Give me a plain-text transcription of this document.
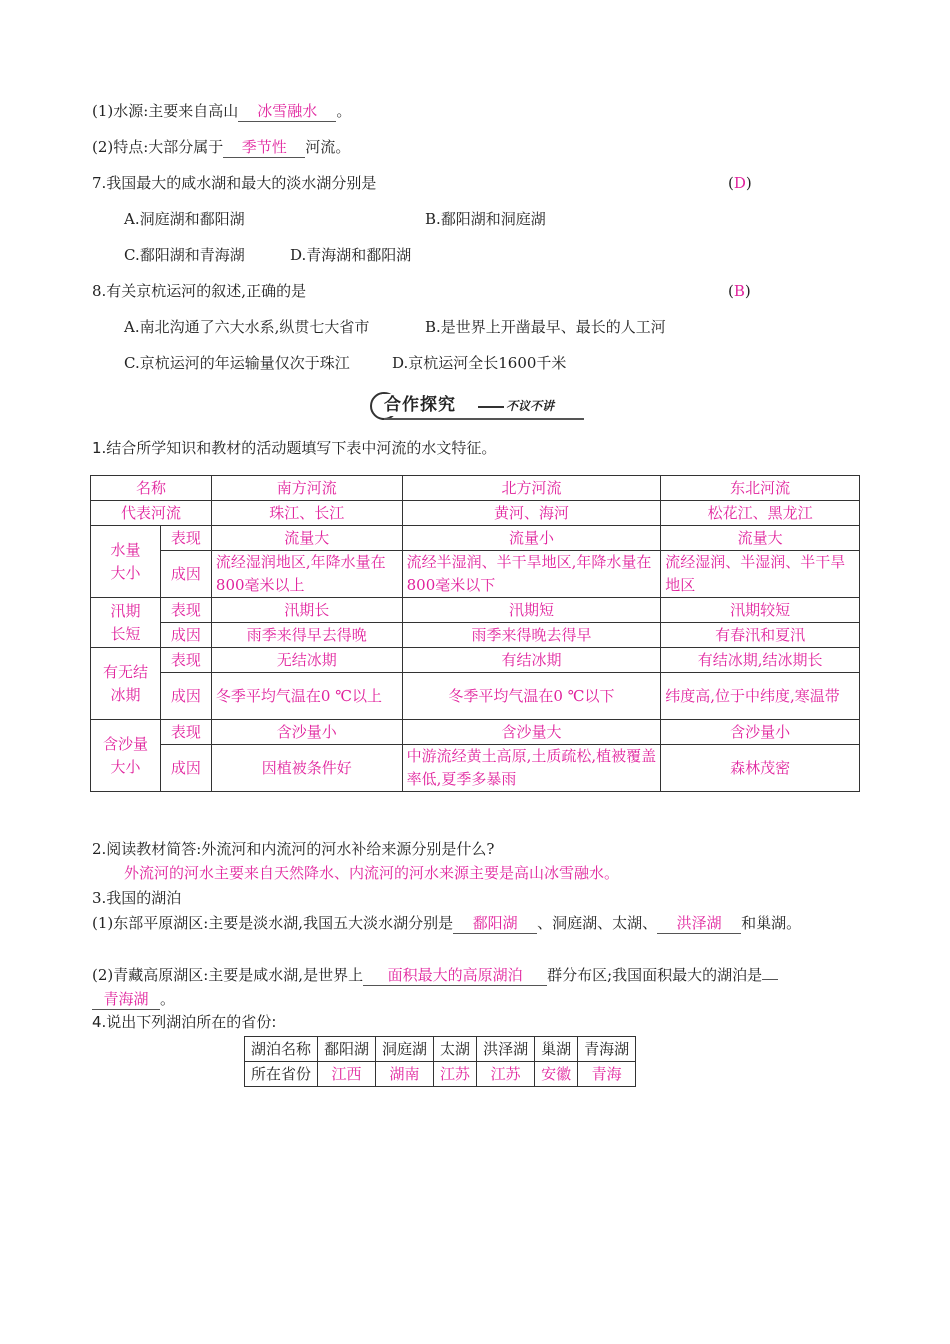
(1)水源:主要来自高山 冰雪融水 。
(2)特点:大部分属于 季节性 河流。
7.我国最大的咸水湖和最大的淡水湖分别是	(D)
A.洞庭湖和鄱阳湖	B.鄱阳湖和洞庭湖
C.鄱阳湖和青海湖	D.青海湖和鄱阳湖
8.有关京杭运河的叙述,正确的是	(B)
A.南北沟通了六大水系,纵贯七大省市	B.是世界上开凿最早、最长的人工河
C.京杭运河的年运输量仅次于珠江	D.京杭运河全长1600千米
合作探究	不议不讲
1.结合所学知识和教材的活动题填写下表中河流的水文特征。
名称		南方河流	北方河流	东北河流
代表河流		珠江、长江	黄河、海河	松花江、黑龙江
水量大小	表现	流量大	流量小	流量大
	成因	流经湿润地区,年降水量在800毫米以上	流经半湿润、半干旱地区,年降水量在800毫米以下	流经湿润、半湿润、半干旱地区
汛期长短	表现	汛期长	汛期短	汛期较短
	成因	雨季来得早去得晚	雨季来得晚去得早	有春汛和夏汛
有无结冰期	表现	无结冰期	有结冰期	有结冰期,结冰期长
	成因	冬季平均气温在0 ℃以上	冬季平均气温在0 ℃以下	纬度高,位于中纬度,寒温带
含沙量大小	表现	含沙量小	含沙量大	含沙量小
	成因	因植被条件好	中游流经黄土高原,土质疏松,植被覆盖率低,夏季多暴雨	森林茂密
2.阅读教材简答:外流河和内流河的河水补给来源分别是什么?
外流河的河水主要来自天然降水、内流河的河水来源主要是高山冰雪融水。
3.我国的湖泊
(1)东部平原湖区:主要是淡水湖,我国五大淡水湖分别是 鄱阳湖 、洞庭湖、太湖、 洪泽湖 和巢湖。
(2)青藏高原湖区:主要是咸水湖,是世界上 面积最大的高原湖泊 群分布区;我国面积最大的湖泊是
青海湖 。
4.说出下列湖泊所在的省份:
湖泊名称	鄱阳湖	洞庭湖	太湖	洪泽湖	巢湖	青海湖
所在省份	江西	湖南	江苏	江苏	安徽	青海
